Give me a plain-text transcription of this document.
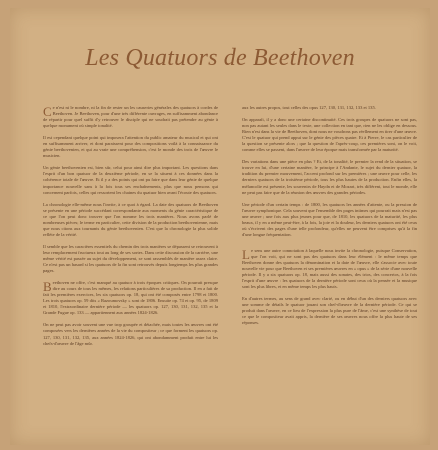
Les Quatuors de Beethoven

Ce n'est ni le nombre, ni la fin de rester un les causeries générales des quatuors à cordes de Beethoven. Je Beethoven, pour d'une trés différente ouvrages, en suffisamment abondance de répartir pour quel suffit d'y retrouver le disciple qui ne soudrait pas prétendre au génie à quelque monument où simple tonalité.

Il est cependant quelque point qui imposera l'attention du public amateur du musical et qui ont en suffisamment arriver, et dont paraissent pour des compositions voilà à la connaissance du génie beethovenien, et qui au vraie une compréhension, c'est le monde des trois de l'œuvre le musicien.

Un génie beethovenien est, bien sûr, celui pour ainsi dire plus important. Les questions dans l'esprit d'un bon quatuor de la deuxième période, en se la situent à ces données dans la cohérence totale de l'œuvre. Et il y a des points qui ont pu faire que dans leur génie de quelque importance nouvelle sans à la fois tous ses enchaînements, plus que nous pensons qui concernent parfois, celles qui ressortent les chaines du quatuor bien avant l'écoute des quatuors.

La chronologie elle-même nous l'invite, à ce quoi à égard. La date des quatuors de Beethoven se présente en une période succédant correspondante aux moments du génie caractéristique de ce que l'on peut donc trouver que l'on nomme les trois manières. Nous avons parlé de nombreuses pièces; le terme en particulier, cette division de la production beethovenienne, mais que nous citons aux tournants du génie beethovenien. C'est que la chronologie la plus solide reflète de la vérité.

Il semble que les caractères essentiels du chemin des trois manières se dépassent se retrouvent à leur remplacement fructueux tout au long de ses sortes. Dans cette discussion de la carrière, une même vérité est passée au sujet du développement, se sont rassemblés de manière assez claire. Ce n'est pas un hasard si les quatuors de la fin sont retrouvés depuis longtemps les plus grandes pages.

Beethoven ne offre, c'est manqué au quatuor à trois époques critiques. On pourrait presque dire au cours de tous les mêmes, les relations particulières de sa production. Il en a fait de fait les premières exercices, les six quatuors op. 18, qui ont été composés entre 1798 et 1800. Les trois quatuors op. 59 dits « Razoumovsky » sont de 1806. Ensuite op. 74 et op. 95, de 1809 et 1810, l'extraordinaire dernière période — les quatuors op. 127, 130, 131, 132, 135 et la Grande Fugue op. 133 — appartiennent aux années 1824-1826.

On ne peut pas avoir souvent une vue trop groupée et détachée, mais toutes les œuvres ont été composées vers les dernières années de la vie du compositeur ; ce que forment les quatuors op. 127, 130, 131, 132, 135, aux années 1824-1826, qui ont abondamment produit entre lui les chefs-d'œuvre de l'âge mûr.

aux les autres propos, tout celles des opus 127, 130, 131, 132, 133 et 135.

On apparaît, il y a donc une certaine discontinuité. Ces trois groupes de quatuors ne sont pas, non pas autant les seules dans le texte, une collection en tant que, rien ne les oblige en dessous. Rien n'est dans la vie de Beethoven, dont nous ne voudrons pas réellement en tirer d'une œuvre. C'est le quatuor qui prend appui sur le génie des pièces quatre. Et à Pierre, le cas particulier de la question se présente alors ; que la question de l'après-coup, ces premières sont, on le voit, comme elles se passent, dans l'œuvre de leur époque mais transformée par la maturité.

Des variations dans une pièce en plus ? Et, de la tonalité, le premier la rend de la situation, se trouve en lui, d'une certaine manière, le principe à l'Andante, le sujet du dernier quatuor, la tradition du premier mouvement, l'accent profond sur les premières ; une œuvre pour celle, les derniers quatuors de la troisième période, tous les plus hautes de la production. Enfin elles, la mélancolie est présente, les souvenirs de Haydn et de Mozart, très différent, tout le monde, elle ne peut pas faire que de la réunion des œuvres des grandes périodes.

Une période d'un certain temps : de 1800, les quatuors les années d'attente, ou la pression de l'œuvre symphonique. Cela souvent que l'ensemble des pages intimes qui pourrait mais n'est pas une œuvre ; une fois aux plus jeunes pour que, de 1810, les quatuors de la maturité, les plus beaux, il y en a même peut-être, à la fois, la joie et la douleur, les derniers quatuors ont été ceux où s'écrivent des pages d'une telle profondeur, qu'elles ne peuvent être comprises qu'à la fin d'une longue fréquentation.

Le sens une autre connotation à laquelle nous invite la chronologie, puisque Conservation, que l'on voit, qui ne sont pas des quatuors dans leur élément : le même temps que Beethoven donne des quatuors la dénomination et la date de l'œuvre, elle s'associe avec toute nouvelle vie pour que Beethoven et ses premières œuvres en « opus » de la série d'une nouvelle période. Il y a six quatuors op. 18, mais aussi des sonates, des trios, des concertos, à la fois l'esprit d'une œuvre : les quatuors de la dernière période sont ceux où la pensée et la musique sont les plus libres, et en même temps les plus hauts.

En d'autres termes, au sens de grand avec clarté, ou en début d'un des derniers quatuors avec une somme de détails le quatuor jouant son chef-d'œuvre de la dernière période. Ce qui se produit dans l'œuvre, en ce lieu de l'expression la plus pure de l'âme, c'est une synthèse de tout ce que le compositeur avait appris, la dernière de ses œuvres nous offre la plus haute de ses réponses.
